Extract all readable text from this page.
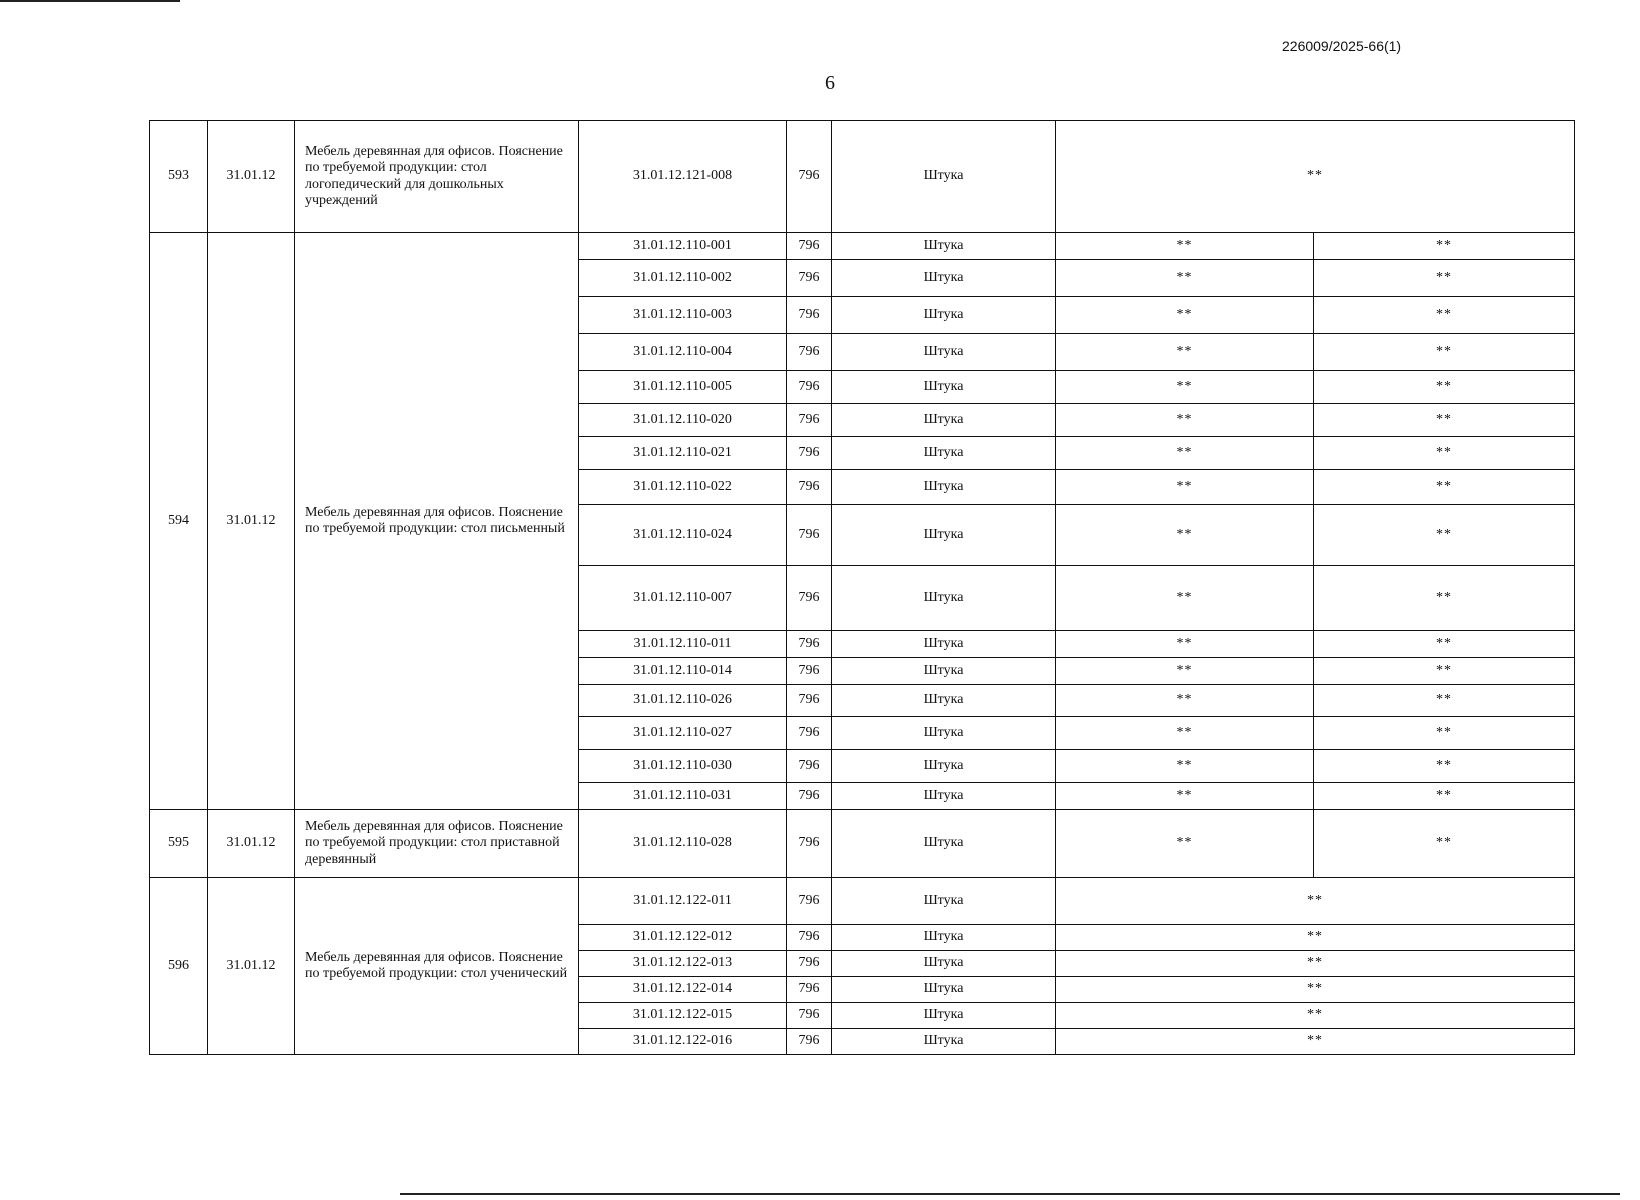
226009/2025-66(1)
6
593	31.01.12	Мебель деревянная для офисов. Пояснение по требуемой продукции: стол логопедический для дошкольных учреждений	31.01.12.121-008	796	Штука	**	
594	31.01.12	Мебель деревянная для офисов. Пояснение по требуемой продукции: стол письменный	31.01.12.110-001	796	Штука	**	**
			31.01.12.110-002	796	Штука	**	**
			31.01.12.110-003	796	Штука	**	**
			31.01.12.110-004	796	Штука	**	**
			31.01.12.110-005	796	Штука	**	**
			31.01.12.110-020	796	Штука	**	**
			31.01.12.110-021	796	Штука	**	**
			31.01.12.110-022	796	Штука	**	**
			31.01.12.110-024	796	Штука	**	**
			31.01.12.110-007	796	Штука	**	**
			31.01.12.110-011	796	Штука	**	**
			31.01.12.110-014	796	Штука	**	**
			31.01.12.110-026	796	Штука	**	**
			31.01.12.110-027	796	Штука	**	**
			31.01.12.110-030	796	Штука	**	**
			31.01.12.110-031	796	Штука	**	**
595	31.01.12	Мебель деревянная для офисов. Пояснение по требуемой продукции: стол приставной деревянный	31.01.12.110-028	796	Штука	**	**
596	31.01.12	Мебель деревянная для офисов. Пояснение по требуемой продукции: стол ученический	31.01.12.122-011	796	Штука	**	
			31.01.12.122-012	796	Штука	**	
			31.01.12.122-013	796	Штука	**	
			31.01.12.122-014	796	Штука	**	
			31.01.12.122-015	796	Штука	**	
			31.01.12.122-016	796	Штука	**	
